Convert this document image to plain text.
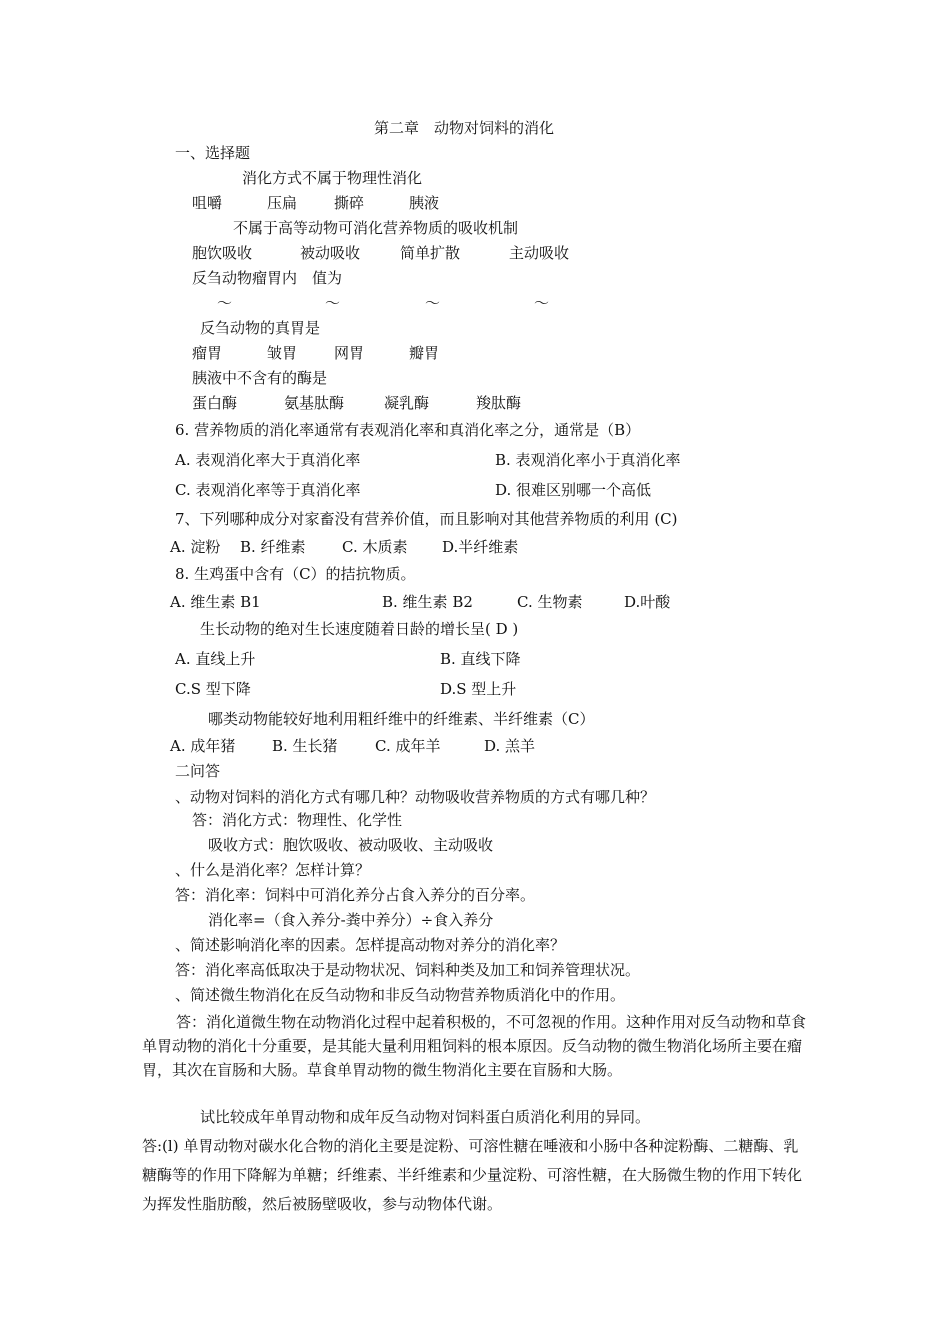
第二章　动物对饲料的消化
一、选择题
消化方式不属于物理性消化
咀嚼	压扁 撕碎	胰液
不属于高等动物可消化营养物质的吸收机制
胞饮吸收	被动吸收	简单扩散	主动吸收
反刍动物瘤胃内　值为
～	～	～	～
反刍动物的真胃是
瘤胃	皱胃 网胃	瓣胃
胰液中不含有的酶是
蛋白酶	氨基肽酶	凝乳酶	羧肽酶
6. 营养物质的消化率通常有表观消化率和真消化率之分，通常是（B）
A. 表观消化率大于真消化率	B. 表观消化率小于真消化率
C. 表观消化率等于真消化率	D. 很难区别哪一个高低
7、下列哪种成分对家畜没有营养价值，而且影响对其他营养物质的利用 (C)
A. 淀粉 B. 纤维素 C. 木质素 D.半纤维素
8. 生鸡蛋中含有（C）的拮抗物质。
A. 维生素 B1	B. 维生素 B2	C. 生物素	D.叶酸
生长动物的绝对生长速度随着日龄的增长呈( D )
A. 直线上升	B. 直线下降
C.S 型下降	D.S 型上升
哪类动物能较好地利用粗纤维中的纤维素、半纤维素（C）
A. 成年猪 B. 生长猪 C. 成年羊	D. 羔羊
二问答
、动物对饲料的消化方式有哪几种？动物吸收营养物质的方式有哪几种？
答：消化方式：物理性、化学性
吸收方式：胞饮吸收、被动吸收、主动吸收
、什么是消化率？怎样计算？
答：消化率：饲料中可消化养分占食入养分的百分率。
消化率=（食入养分-粪中养分）÷食入养分
、简述影响消化率的因素。怎样提高动物对养分的消化率？
答：消化率高低取决于是动物状况、饲料种类及加工和饲养管理状况。
、简述微生物消化在反刍动物和非反刍动物营养物质消化中的作用。
答：消化道微生物在动物消化过程中起着积极的，不可忽视的作用。这种作用对反刍动物和草食单胃动物的消化十分重要，是其能大量利用粗饲料的根本原因。反刍动物的微生物消化场所主要在瘤胃，其次在盲肠和大肠。草食单胃动物的微生物消化主要在盲肠和大肠。
试比较成年单胃动物和成年反刍动物对饲料蛋白质消化利用的异同。
答:(l) 单胃动物对碳水化合物的消化主要是淀粉、可溶性糖在唾液和小肠中各种淀粉酶、二糖酶、乳糖酶等的作用下降解为单糖；纤维素、半纤维素和少量淀粉、可溶性糖，在大肠微生物的作用下转化为挥发性脂肪酸，然后被肠壁吸收，参与动物体代谢。
